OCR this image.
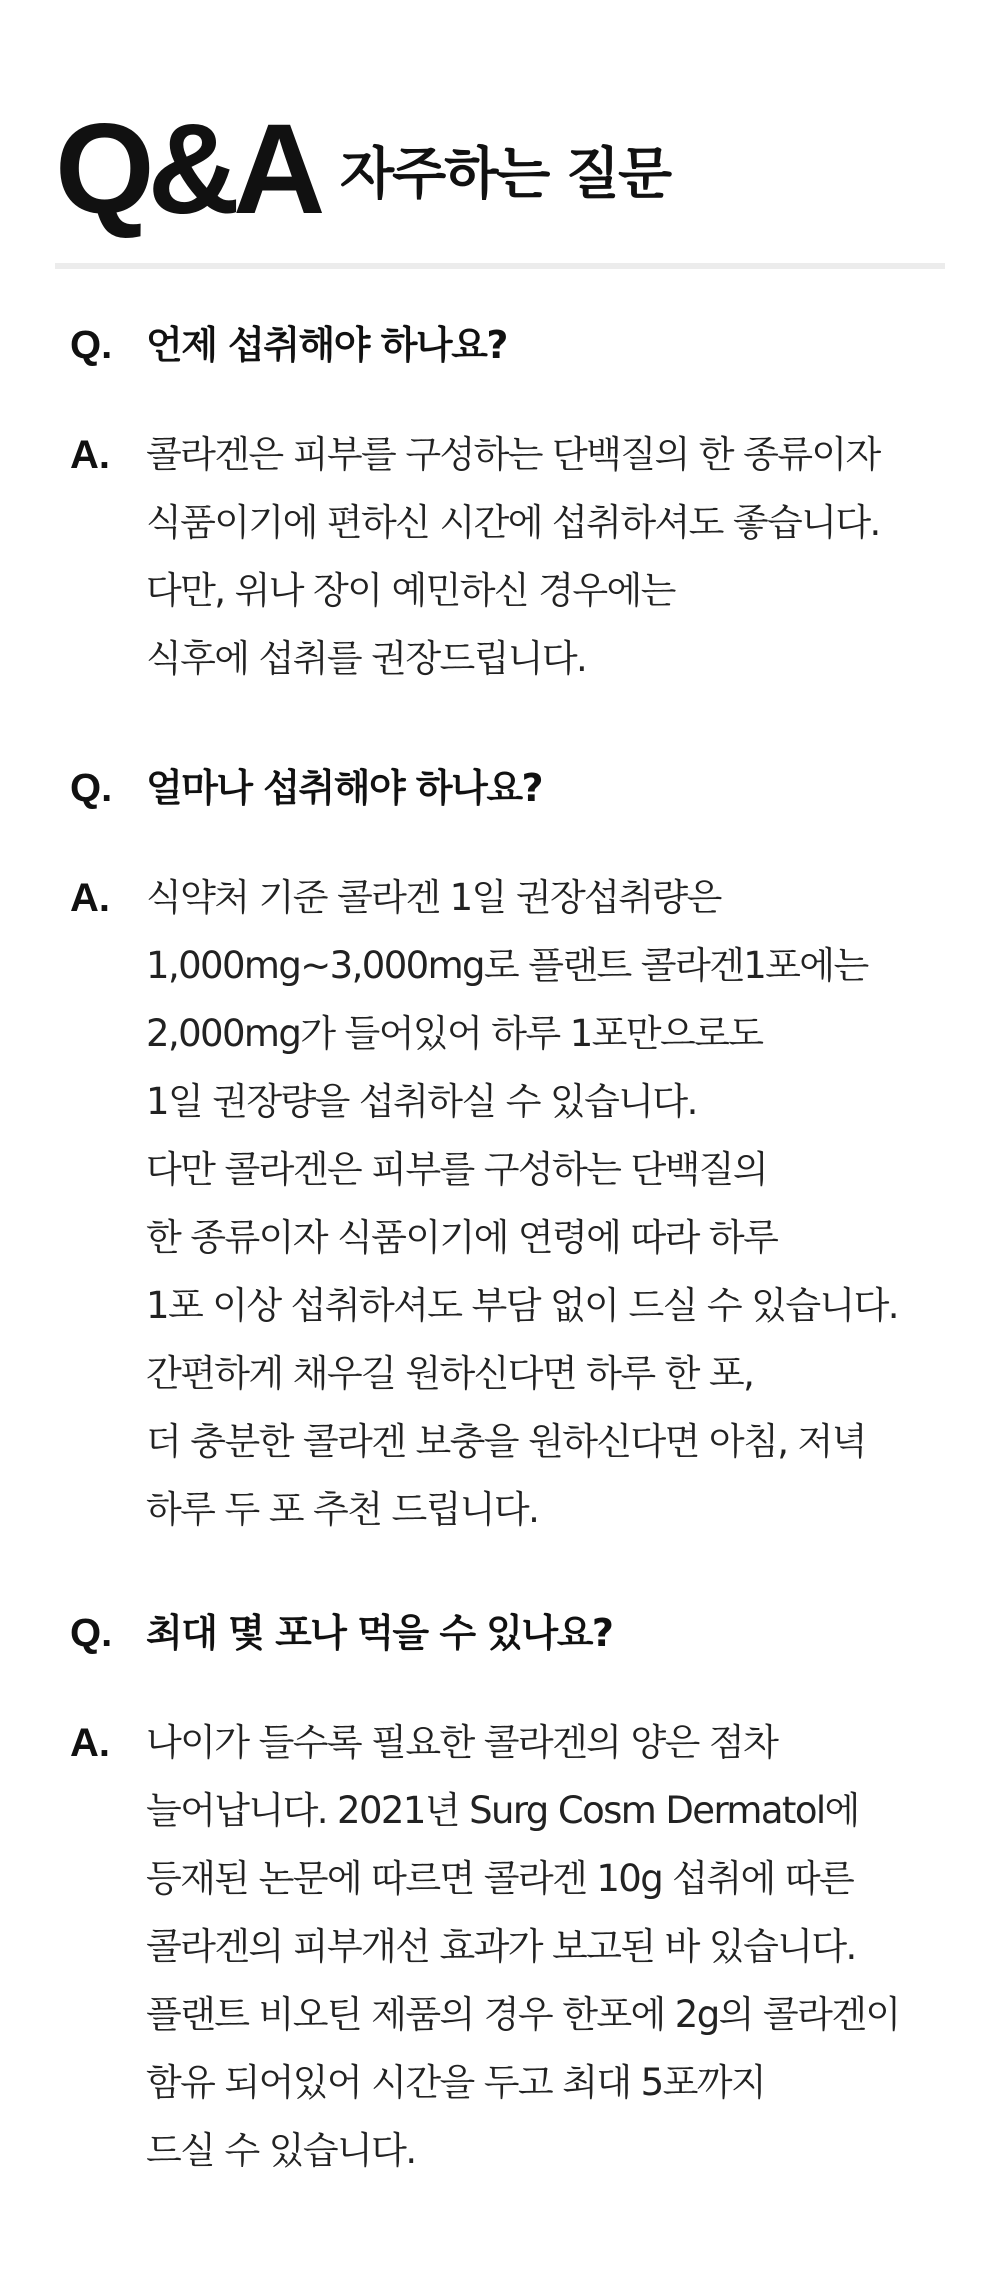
Q&A 자주하는 질문
Q. 언제 섭취해야 하나요?
A. 콜라겐은 피부를 구성하는 단백질의 한 종류이자
식품이기에 편하신 시간에 섭취하셔도 좋습니다.
다만, 위나 장이 예민하신 경우에는
식후에 섭취를 권장드립니다.
Q. 얼마나 섭취해야 하나요?
A. 식약처 기준 콜라겐 1일 권장섭취량은
1,000mg~3,000mg로 플랜트 콜라겐1포에는
2,000mg가 들어있어 하루 1포만으로도
1일 권장량을 섭취하실 수 있습니다.
다만 콜라겐은 피부를 구성하는 단백질의
한 종류이자 식품이기에 연령에 따라 하루
1포 이상 섭취하셔도 부담 없이 드실 수 있습니다.
간편하게 채우길 원하신다면 하루 한 포,
더 충분한 콜라겐 보충을 원하신다면 아침, 저녁
하루 두 포 추천 드립니다.
Q. 최대 몇 포나 먹을 수 있나요?
A. 나이가 들수록 필요한 콜라겐의 양은 점차
늘어납니다. 2021년 Surg Cosm Dermatol에
등재된 논문에 따르면 콜라겐 10g 섭취에 따른
콜라겐의 피부개선 효과가 보고된 바 있습니다.
플랜트 비오틴 제품의 경우 한포에 2g의 콜라겐이
함유 되어있어 시간을 두고 최대 5포까지
드실 수 있습니다.
